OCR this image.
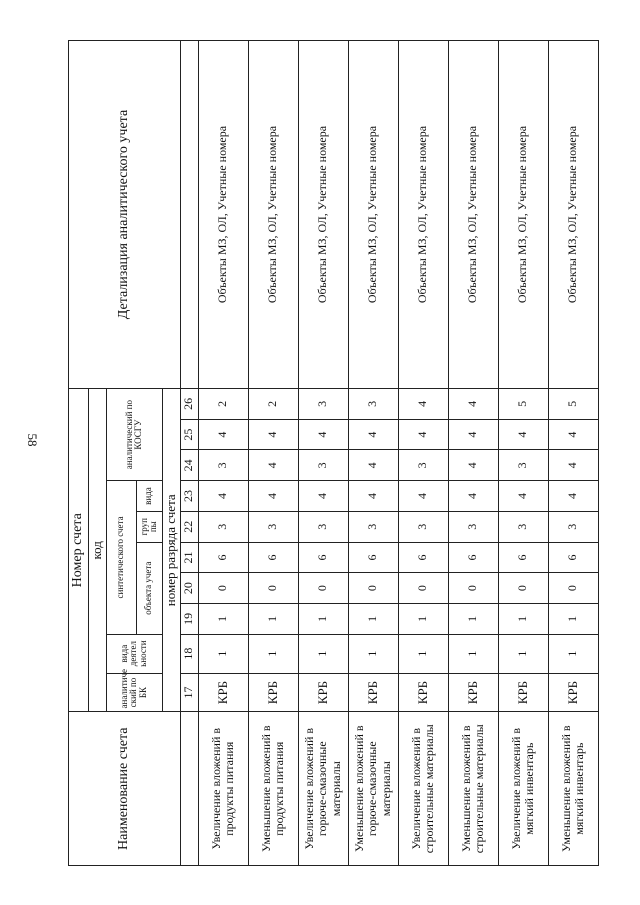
58
Наименование счета	Номер счета										Детализация аналитического учета
	код										
	аналитиче ский по БК	вида деятел ьности	синтетического счета					аналитический по КОСГУ			
			объекта учета			груп пы	вида				
	номер разряда счета										
	17	18	19	20	21	22	23	24	25	26	
Увеличение вложений в продукты питания	КРБ	1	1	0	6	3	4	3	4	2	Объекты МЗ, ОЛ, Учетные номера
Уменьшение вложений в продукты питания	КРБ	1	1	0	6	3	4	4	4	2	Объекты МЗ, ОЛ, Учетные номера
Увеличение вложений в горюче-смазочные материалы	КРБ	1	1	0	6	3	4	3	4	3	Объекты МЗ, ОЛ, Учетные номера
Уменьшение вложений в горюче-смазочные материалы	КРБ	1	1	0	6	3	4	4	4	3	Объекты МЗ, ОЛ, Учетные номера
Увеличение вложений в строительные материалы	КРБ	1	1	0	6	3	4	3	4	4	Объекты МЗ, ОЛ, Учетные номера
Уменьшение вложений в строительные материалы	КРБ	1	1	0	6	3	4	4	4	4	Объекты МЗ, ОЛ, Учетные номера
Увеличение вложений в мягкий инвентарь	КРБ	1	1	0	6	3	4	3	4	5	Объекты МЗ, ОЛ, Учетные номера
Уменьшение вложений в мягкий инвентарь	КРБ	1	1	0	6	3	4	4	4	5	Объекты МЗ, ОЛ, Учетные номера
